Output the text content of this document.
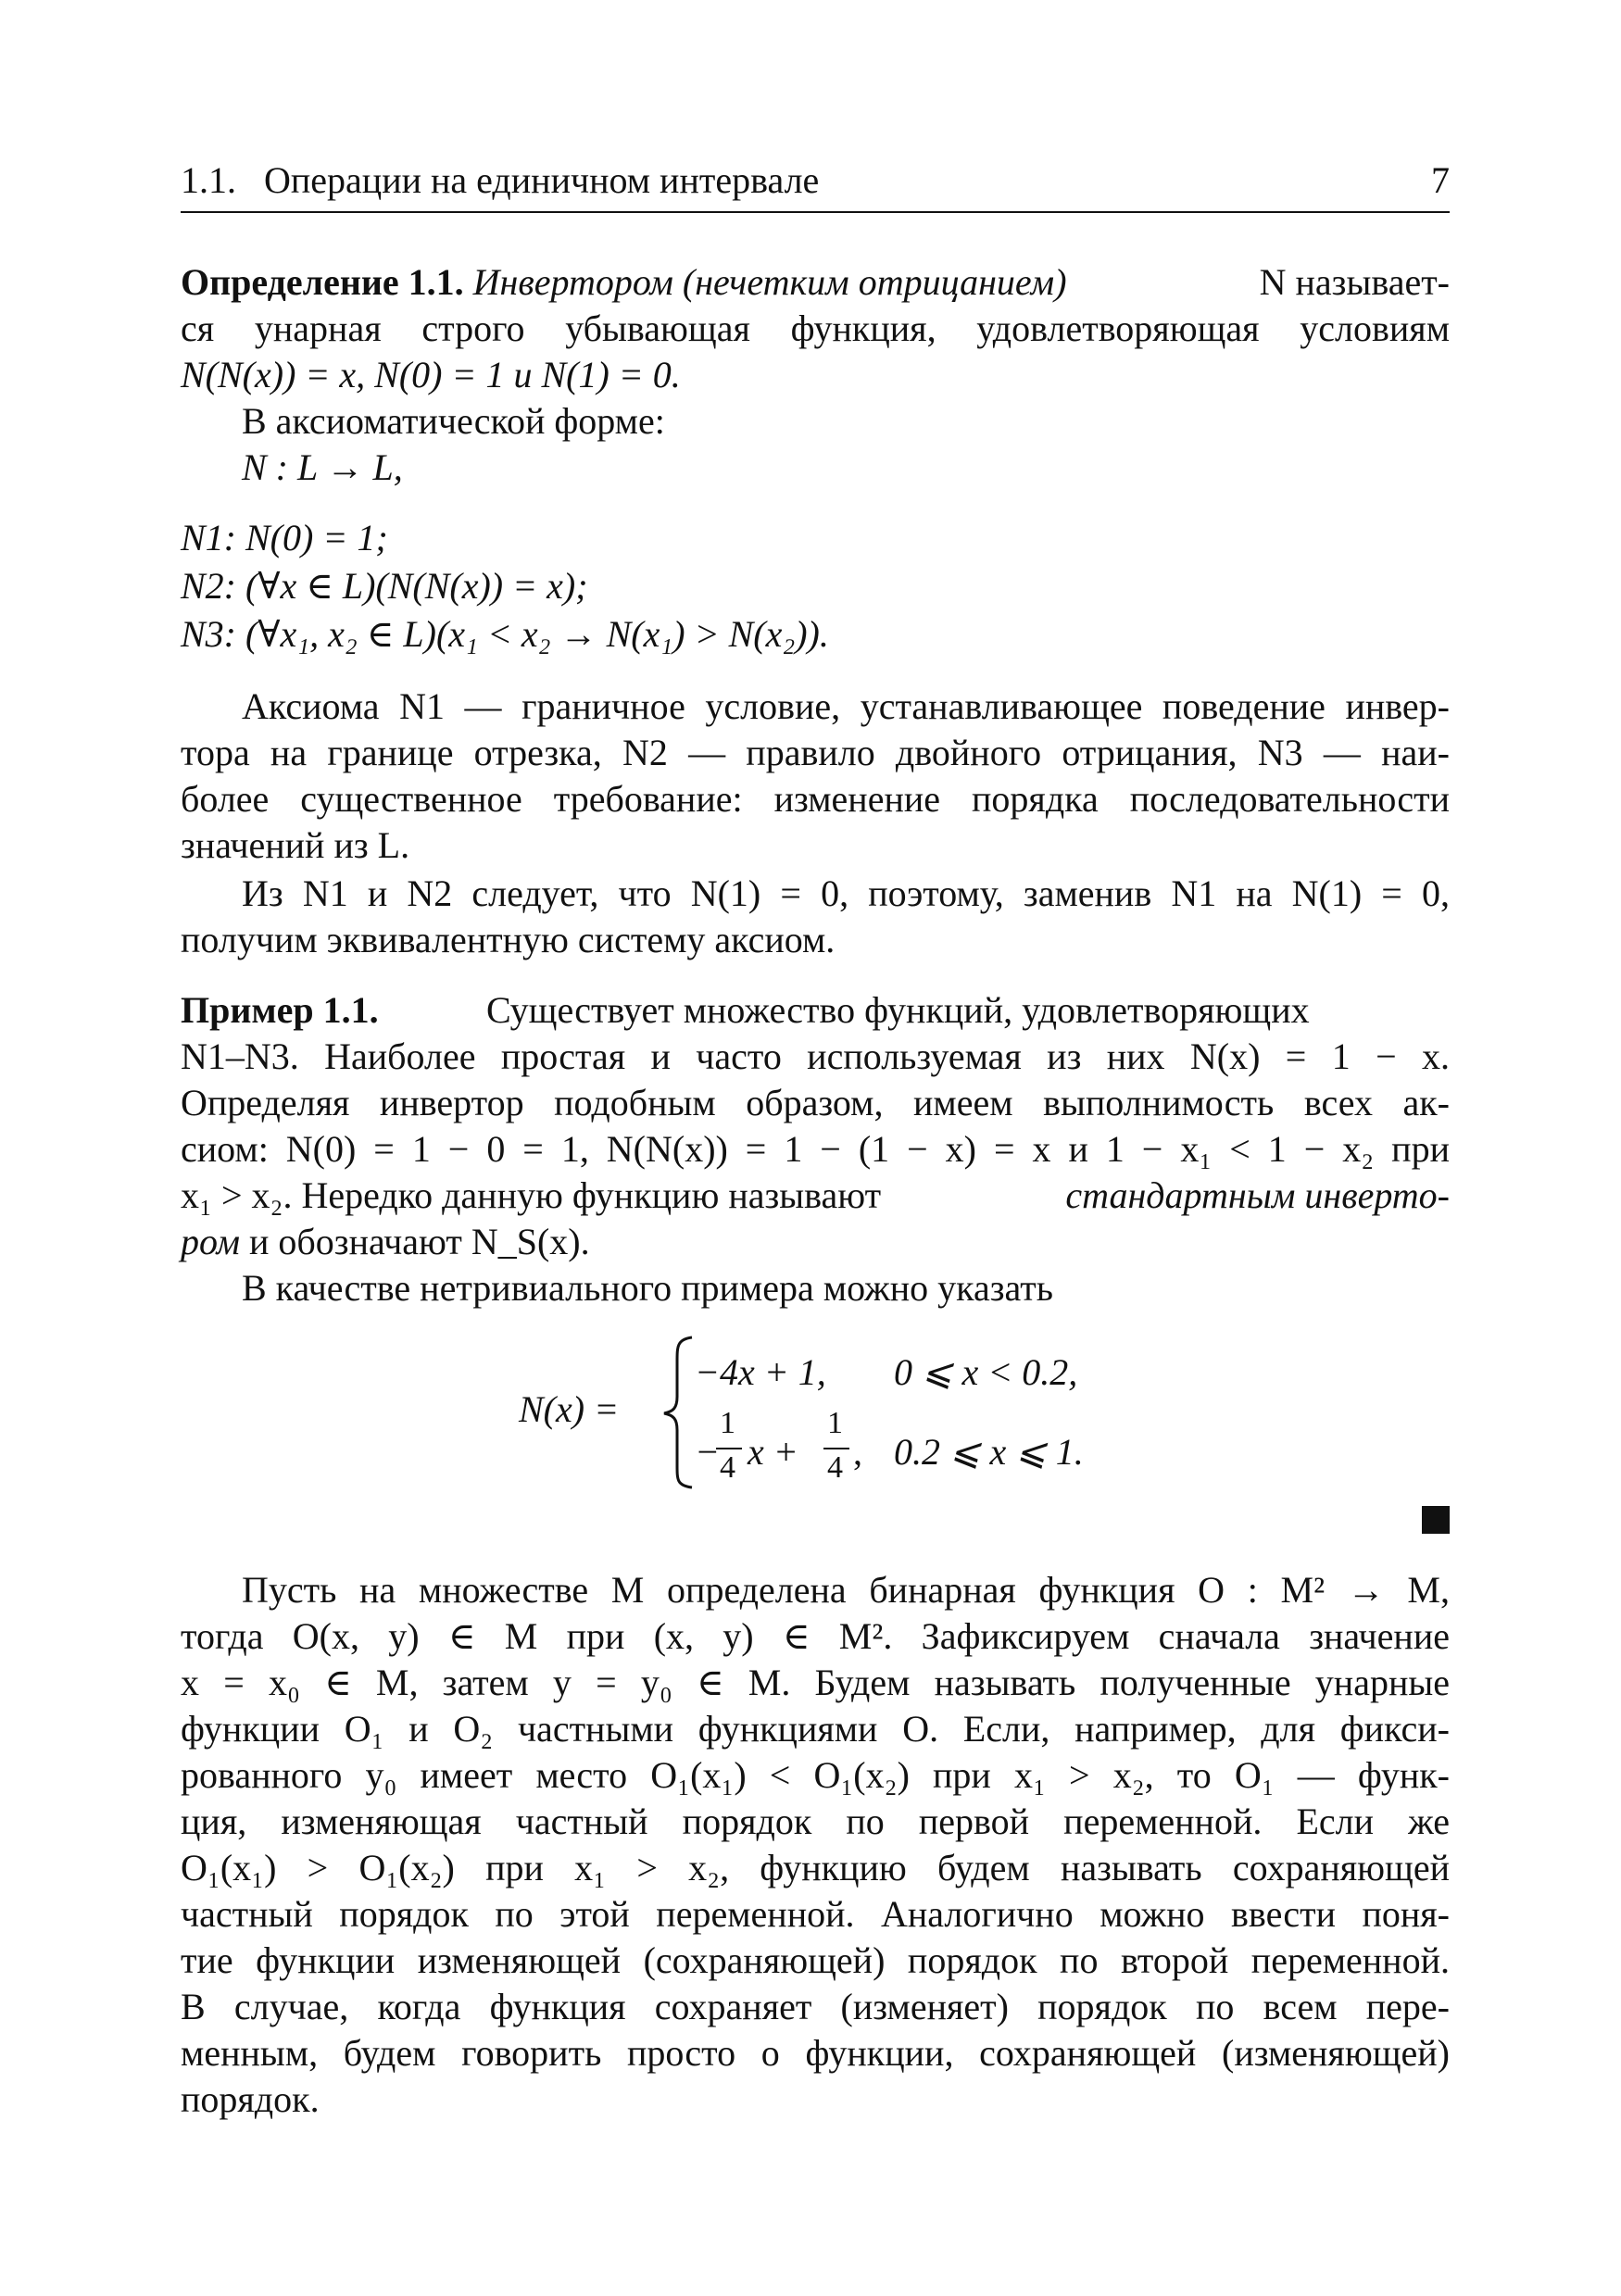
1.1.   Операции на единичном интервале	7
Определение 1.1. Инвертором (нечетким отрицанием)	N называет-
ся унарная строго убывающая функция, удовлетворяющая условиям
N(N(x)) = x, N(0) = 1 и N(1) = 0.
В аксиоматической форме:
N : L → L,
N1: N(0) = 1;
N2: (∀x ∈ L)(N(N(x)) = x);
N3: (∀x₁, x₂ ∈ L)(x₁ < x₂ → N(x₁) > N(x₂)).
Аксиома N1 — граничное условие, устанавливающее поведение инвер-
тора на границе отрезка, N2 — правило двойного отрицания, N3 — наи-
более существенное требование: изменение порядка последовательности
значений из L.
Из N1 и N2 следует, что N(1) = 0, поэтому, заменив N1 на N(1) = 0,
получим эквивалентную систему аксиом.
Пример 1.1.	Существует множество функций, удовлетворяющих
N1–N3. Наиболее простая и часто используемая из них N(x) = 1 − x.
Определяя инвертор подобным образом, имеем выполнимость всех ак-
сиом: N(0) = 1 − 0 = 1, N(N(x)) = 1 − (1 − x) = x и 1 − x₁ < 1 − x₂ при
x₁ > x₂. Нередко данную функцию называют	стандартным инверто-
ром и обозначают N_S(x).
В качестве нетривиального примера можно указать
N(x) =
−4x + 1, 0 ⩽ x < 0.2,
−
1
4 x +
1
4 , 0.2 ⩽ x ⩽ 1.
Пусть на множестве M определена бинарная функция O : M² → M,
тогда O(x, y) ∈ M при (x, y) ∈ M². Зафиксируем сначала значение
x = x₀ ∈ M, затем y = y₀ ∈ M. Будем называть полученные унарные
функции O₁ и O₂ частными функциями O. Если, например, для фикси-
рованного y₀ имеет место O₁(x₁) < O₁(x₂) при x₁ > x₂, то O₁ — функ-
ция, изменяющая частный порядок по первой переменной. Если же
O₁(x₁) > O₁(x₂) при x₁ > x₂, функцию будем называть сохраняющей
частный порядок по этой переменной. Аналогично можно ввести поня-
тие функции изменяющей (сохраняющей) порядок по второй переменной.
В случае, когда функция сохраняет (изменяет) порядок по всем пере-
менным, будем говорить просто о функции, сохраняющей (изменяющей)
порядок.
